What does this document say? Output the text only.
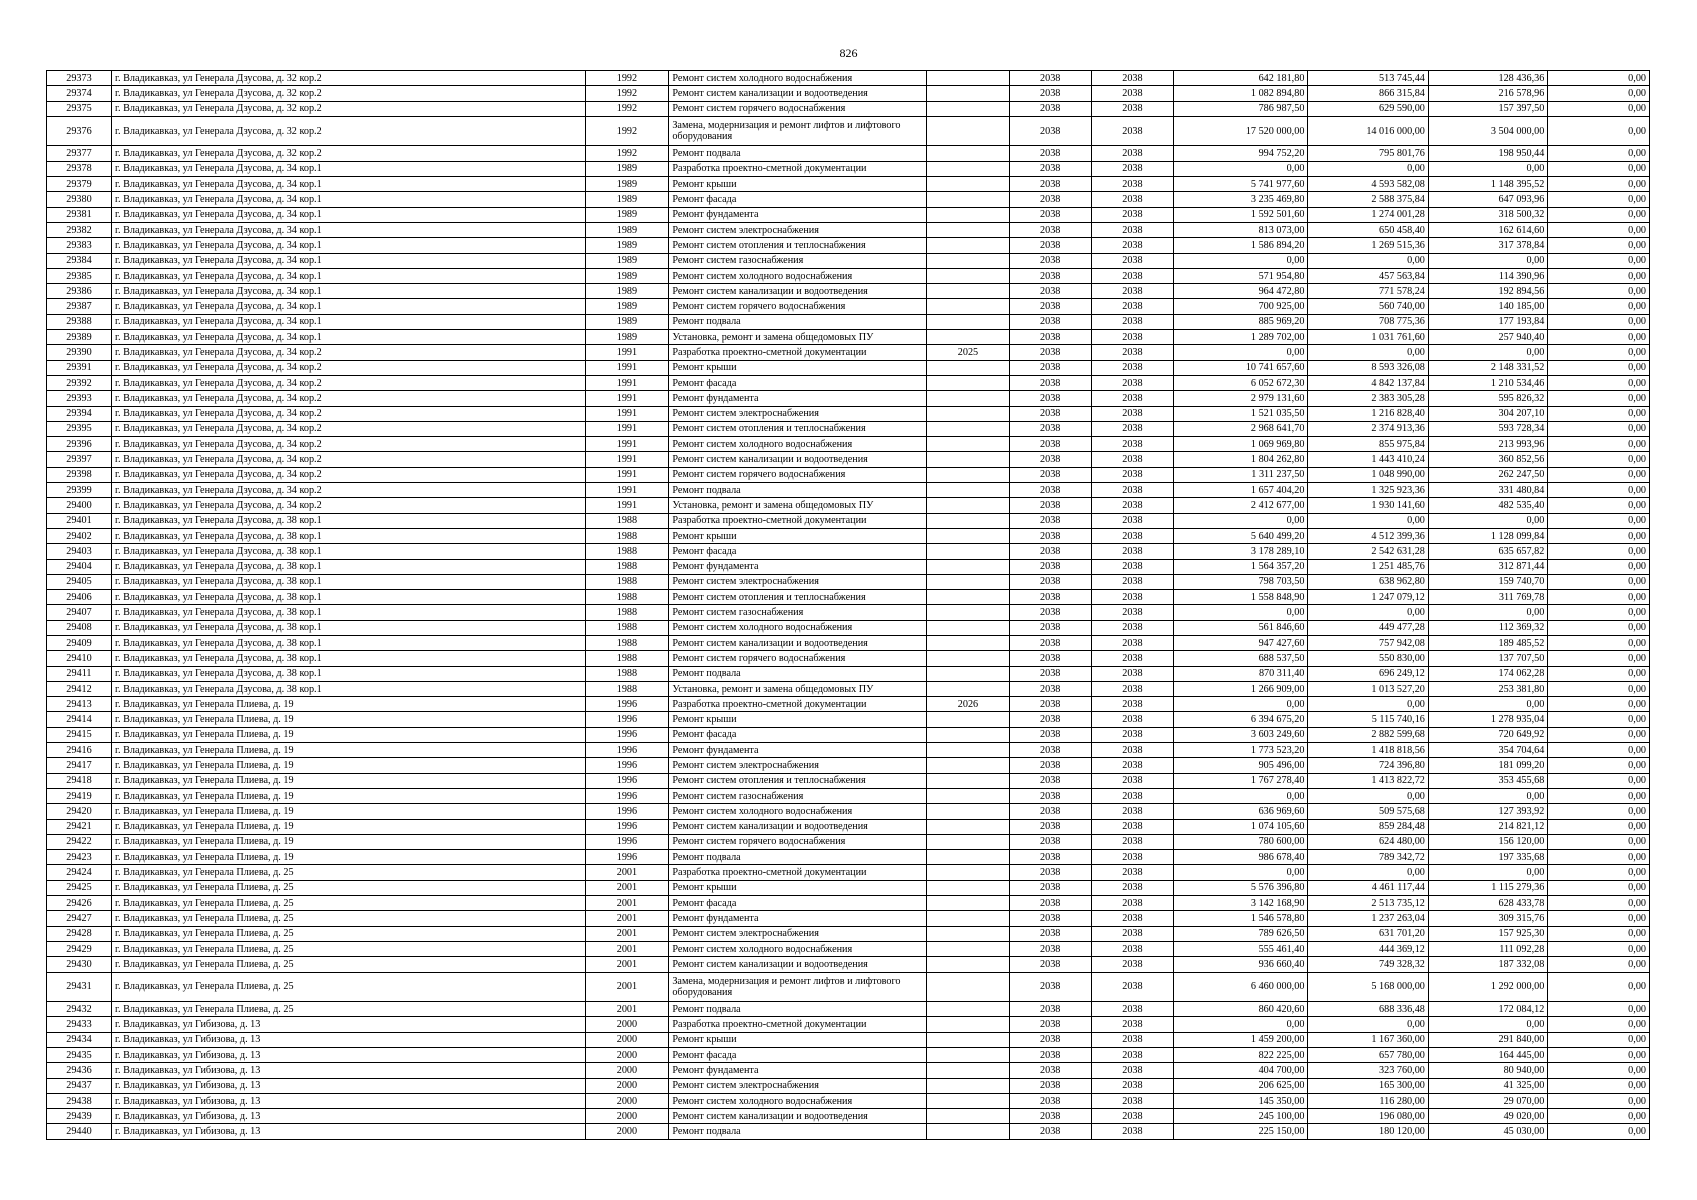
826
29373	г. Владикавказ, ул Генерала Дзусова, д. 32 кор.2	1992	Ремонт систем холодного водоснабжения		2038	2038	642 181,80	513 745,44	128 436,36	0,00
29374	г. Владикавказ, ул Генерала Дзусова, д. 32 кор.2	1992	Ремонт систем канализации и водоотведения		2038	2038	1 082 894,80	866 315,84	216 578,96	0,00
29375	г. Владикавказ, ул Генерала Дзусова, д. 32 кор.2	1992	Ремонт систем горячего водоснабжения		2038	2038	786 987,50	629 590,00	157 397,50	0,00
29376	г. Владикавказ, ул Генерала Дзусова, д. 32 кор.2	1992	Замена, модернизация и ремонт лифтов и лифтового оборудования		2038	2038	17 520 000,00	14 016 000,00	3 504 000,00	0,00
29377	г. Владикавказ, ул Генерала Дзусова, д. 32 кор.2	1992	Ремонт подвала		2038	2038	994 752,20	795 801,76	198 950,44	0,00
29378	г. Владикавказ, ул Генерала Дзусова, д. 34 кор.1	1989	Разработка проектно-сметной документации		2038	2038	0,00	0,00	0,00	0,00
29379	г. Владикавказ, ул Генерала Дзусова, д. 34 кор.1	1989	Ремонт крыши		2038	2038	5 741 977,60	4 593 582,08	1 148 395,52	0,00
29380	г. Владикавказ, ул Генерала Дзусова, д. 34 кор.1	1989	Ремонт фасада		2038	2038	3 235 469,80	2 588 375,84	647 093,96	0,00
29381	г. Владикавказ, ул Генерала Дзусова, д. 34 кор.1	1989	Ремонт фундамента		2038	2038	1 592 501,60	1 274 001,28	318 500,32	0,00
29382	г. Владикавказ, ул Генерала Дзусова, д. 34 кор.1	1989	Ремонт систем электроснабжения		2038	2038	813 073,00	650 458,40	162 614,60	0,00
29383	г. Владикавказ, ул Генерала Дзусова, д. 34 кор.1	1989	Ремонт систем отопления и теплоснабжения		2038	2038	1 586 894,20	1 269 515,36	317 378,84	0,00
29384	г. Владикавказ, ул Генерала Дзусова, д. 34 кор.1	1989	Ремонт систем газоснабжения		2038	2038	0,00	0,00	0,00	0,00
29385	г. Владикавказ, ул Генерала Дзусова, д. 34 кор.1	1989	Ремонт систем холодного водоснабжения		2038	2038	571 954,80	457 563,84	114 390,96	0,00
29386	г. Владикавказ, ул Генерала Дзусова, д. 34 кор.1	1989	Ремонт систем канализации и водоотведения		2038	2038	964 472,80	771 578,24	192 894,56	0,00
29387	г. Владикавказ, ул Генерала Дзусова, д. 34 кор.1	1989	Ремонт систем горячего водоснабжения		2038	2038	700 925,00	560 740,00	140 185,00	0,00
29388	г. Владикавказ, ул Генерала Дзусова, д. 34 кор.1	1989	Ремонт подвала		2038	2038	885 969,20	708 775,36	177 193,84	0,00
29389	г. Владикавказ, ул Генерала Дзусова, д. 34 кор.1	1989	Установка, ремонт и замена общедомовых ПУ		2038	2038	1 289 702,00	1 031 761,60	257 940,40	0,00
29390	г. Владикавказ, ул Генерала Дзусова, д. 34 кор.2	1991	Разработка проектно-сметной документации	2025	2038	2038	0,00	0,00	0,00	0,00
29391	г. Владикавказ, ул Генерала Дзусова, д. 34 кор.2	1991	Ремонт крыши		2038	2038	10 741 657,60	8 593 326,08	2 148 331,52	0,00
29392	г. Владикавказ, ул Генерала Дзусова, д. 34 кор.2	1991	Ремонт фасада		2038	2038	6 052 672,30	4 842 137,84	1 210 534,46	0,00
29393	г. Владикавказ, ул Генерала Дзусова, д. 34 кор.2	1991	Ремонт фундамента		2038	2038	2 979 131,60	2 383 305,28	595 826,32	0,00
29394	г. Владикавказ, ул Генерала Дзусова, д. 34 кор.2	1991	Ремонт систем электроснабжения		2038	2038	1 521 035,50	1 216 828,40	304 207,10	0,00
29395	г. Владикавказ, ул Генерала Дзусова, д. 34 кор.2	1991	Ремонт систем отопления и теплоснабжения		2038	2038	2 968 641,70	2 374 913,36	593 728,34	0,00
29396	г. Владикавказ, ул Генерала Дзусова, д. 34 кор.2	1991	Ремонт систем холодного водоснабжения		2038	2038	1 069 969,80	855 975,84	213 993,96	0,00
29397	г. Владикавказ, ул Генерала Дзусова, д. 34 кор.2	1991	Ремонт систем канализации и водоотведения		2038	2038	1 804 262,80	1 443 410,24	360 852,56	0,00
29398	г. Владикавказ, ул Генерала Дзусова, д. 34 кор.2	1991	Ремонт систем горячего водоснабжения		2038	2038	1 311 237,50	1 048 990,00	262 247,50	0,00
29399	г. Владикавказ, ул Генерала Дзусова, д. 34 кор.2	1991	Ремонт подвала		2038	2038	1 657 404,20	1 325 923,36	331 480,84	0,00
29400	г. Владикавказ, ул Генерала Дзусова, д. 34 кор.2	1991	Установка, ремонт и замена общедомовых ПУ		2038	2038	2 412 677,00	1 930 141,60	482 535,40	0,00
29401	г. Владикавказ, ул Генерала Дзусова, д. 38 кор.1	1988	Разработка проектно-сметной документации		2038	2038	0,00	0,00	0,00	0,00
29402	г. Владикавказ, ул Генерала Дзусова, д. 38 кор.1	1988	Ремонт крыши		2038	2038	5 640 499,20	4 512 399,36	1 128 099,84	0,00
29403	г. Владикавказ, ул Генерала Дзусова, д. 38 кор.1	1988	Ремонт фасада		2038	2038	3 178 289,10	2 542 631,28	635 657,82	0,00
29404	г. Владикавказ, ул Генерала Дзусова, д. 38 кор.1	1988	Ремонт фундамента		2038	2038	1 564 357,20	1 251 485,76	312 871,44	0,00
29405	г. Владикавказ, ул Генерала Дзусова, д. 38 кор.1	1988	Ремонт систем электроснабжения		2038	2038	798 703,50	638 962,80	159 740,70	0,00
29406	г. Владикавказ, ул Генерала Дзусова, д. 38 кор.1	1988	Ремонт систем отопления и теплоснабжения		2038	2038	1 558 848,90	1 247 079,12	311 769,78	0,00
29407	г. Владикавказ, ул Генерала Дзусова, д. 38 кор.1	1988	Ремонт систем газоснабжения		2038	2038	0,00	0,00	0,00	0,00
29408	г. Владикавказ, ул Генерала Дзусова, д. 38 кор.1	1988	Ремонт систем холодного водоснабжения		2038	2038	561 846,60	449 477,28	112 369,32	0,00
29409	г. Владикавказ, ул Генерала Дзусова, д. 38 кор.1	1988	Ремонт систем канализации и водоотведения		2038	2038	947 427,60	757 942,08	189 485,52	0,00
29410	г. Владикавказ, ул Генерала Дзусова, д. 38 кор.1	1988	Ремонт систем горячего водоснабжения		2038	2038	688 537,50	550 830,00	137 707,50	0,00
29411	г. Владикавказ, ул Генерала Дзусова, д. 38 кор.1	1988	Ремонт подвала		2038	2038	870 311,40	696 249,12	174 062,28	0,00
29412	г. Владикавказ, ул Генерала Дзусова, д. 38 кор.1	1988	Установка, ремонт и замена общедомовых ПУ		2038	2038	1 266 909,00	1 013 527,20	253 381,80	0,00
29413	г. Владикавказ, ул Генерала Плиева, д. 19	1996	Разработка проектно-сметной документации	2026	2038	2038	0,00	0,00	0,00	0,00
29414	г. Владикавказ, ул Генерала Плиева, д. 19	1996	Ремонт крыши		2038	2038	6 394 675,20	5 115 740,16	1 278 935,04	0,00
29415	г. Владикавказ, ул Генерала Плиева, д. 19	1996	Ремонт фасада		2038	2038	3 603 249,60	2 882 599,68	720 649,92	0,00
29416	г. Владикавказ, ул Генерала Плиева, д. 19	1996	Ремонт фундамента		2038	2038	1 773 523,20	1 418 818,56	354 704,64	0,00
29417	г. Владикавказ, ул Генерала Плиева, д. 19	1996	Ремонт систем электроснабжения		2038	2038	905 496,00	724 396,80	181 099,20	0,00
29418	г. Владикавказ, ул Генерала Плиева, д. 19	1996	Ремонт систем отопления и теплоснабжения		2038	2038	1 767 278,40	1 413 822,72	353 455,68	0,00
29419	г. Владикавказ, ул Генерала Плиева, д. 19	1996	Ремонт систем газоснабжения		2038	2038	0,00	0,00	0,00	0,00
29420	г. Владикавказ, ул Генерала Плиева, д. 19	1996	Ремонт систем холодного водоснабжения		2038	2038	636 969,60	509 575,68	127 393,92	0,00
29421	г. Владикавказ, ул Генерала Плиева, д. 19	1996	Ремонт систем канализации и водоотведения		2038	2038	1 074 105,60	859 284,48	214 821,12	0,00
29422	г. Владикавказ, ул Генерала Плиева, д. 19	1996	Ремонт систем горячего водоснабжения		2038	2038	780 600,00	624 480,00	156 120,00	0,00
29423	г. Владикавказ, ул Генерала Плиева, д. 19	1996	Ремонт подвала		2038	2038	986 678,40	789 342,72	197 335,68	0,00
29424	г. Владикавказ, ул Генерала Плиева, д. 25	2001	Разработка проектно-сметной документации		2038	2038	0,00	0,00	0,00	0,00
29425	г. Владикавказ, ул Генерала Плиева, д. 25	2001	Ремонт крыши		2038	2038	5 576 396,80	4 461 117,44	1 115 279,36	0,00
29426	г. Владикавказ, ул Генерала Плиева, д. 25	2001	Ремонт фасада		2038	2038	3 142 168,90	2 513 735,12	628 433,78	0,00
29427	г. Владикавказ, ул Генерала Плиева, д. 25	2001	Ремонт фундамента		2038	2038	1 546 578,80	1 237 263,04	309 315,76	0,00
29428	г. Владикавказ, ул Генерала Плиева, д. 25	2001	Ремонт систем электроснабжения		2038	2038	789 626,50	631 701,20	157 925,30	0,00
29429	г. Владикавказ, ул Генерала Плиева, д. 25	2001	Ремонт систем холодного водоснабжения		2038	2038	555 461,40	444 369,12	111 092,28	0,00
29430	г. Владикавказ, ул Генерала Плиева, д. 25	2001	Ремонт систем канализации и водоотведения		2038	2038	936 660,40	749 328,32	187 332,08	0,00
29431	г. Владикавказ, ул Генерала Плиева, д. 25	2001	Замена, модернизация и ремонт лифтов и лифтового оборудования		2038	2038	6 460 000,00	5 168 000,00	1 292 000,00	0,00
29432	г. Владикавказ, ул Генерала Плиева, д. 25	2001	Ремонт подвала		2038	2038	860 420,60	688 336,48	172 084,12	0,00
29433	г. Владикавказ, ул Гибизова, д. 13	2000	Разработка проектно-сметной документации		2038	2038	0,00	0,00	0,00	0,00
29434	г. Владикавказ, ул Гибизова, д. 13	2000	Ремонт крыши		2038	2038	1 459 200,00	1 167 360,00	291 840,00	0,00
29435	г. Владикавказ, ул Гибизова, д. 13	2000	Ремонт фасада		2038	2038	822 225,00	657 780,00	164 445,00	0,00
29436	г. Владикавказ, ул Гибизова, д. 13	2000	Ремонт фундамента		2038	2038	404 700,00	323 760,00	80 940,00	0,00
29437	г. Владикавказ, ул Гибизова, д. 13	2000	Ремонт систем электроснабжения		2038	2038	206 625,00	165 300,00	41 325,00	0,00
29438	г. Владикавказ, ул Гибизова, д. 13	2000	Ремонт систем холодного водоснабжения		2038	2038	145 350,00	116 280,00	29 070,00	0,00
29439	г. Владикавказ, ул Гибизова, д. 13	2000	Ремонт систем канализации и водоотведения		2038	2038	245 100,00	196 080,00	49 020,00	0,00
29440	г. Владикавказ, ул Гибизова, д. 13	2000	Ремонт подвала		2038	2038	225 150,00	180 120,00	45 030,00	0,00
